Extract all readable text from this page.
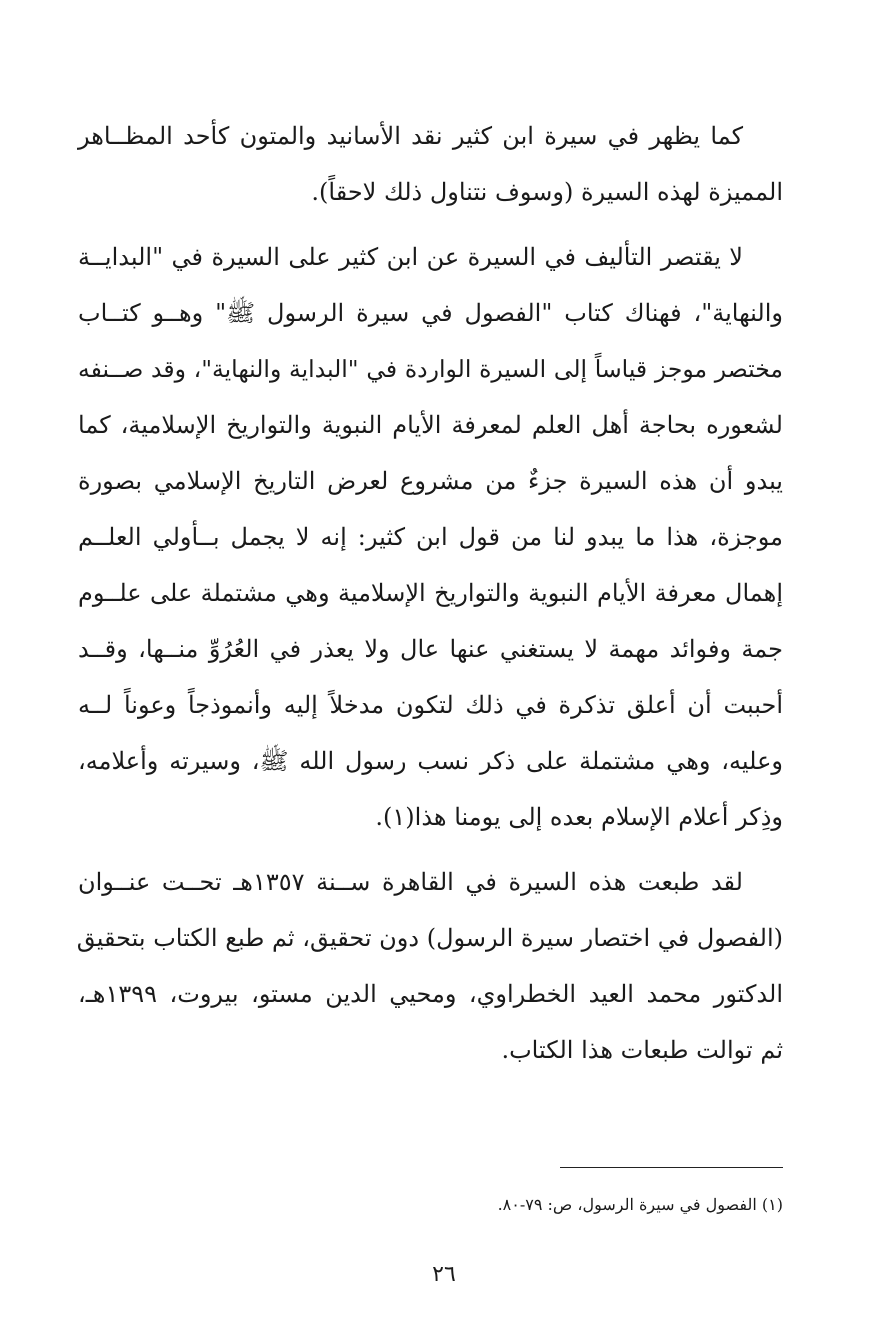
كما يظهر في سيرة ابن كثير نقد الأسانيد والمتون كأحد المظــاهر
المميزة لهذه السيرة (وسوف نتناول ذلك لاحقاً).
لا يقتصر التأليف في السيرة عن ابن كثير على السيرة في "البدايــة
والنهاية"، فهناك كتاب "الفصول في سيرة الرسول ﷺ" وهــو كتــاب
مختصر موجز قياساً إلى السيرة الواردة في "البداية والنهاية"، وقد صــنفه
لشعوره بحاجة أهل العلم لمعرفة الأيام النبوية والتواريخ الإسلامية، كما
يبدو أن هذه السيرة جزءٌ من مشروع لعرض التاريخ الإسلامي بصورة
موجزة، هذا ما يبدو لنا من قول ابن كثير: إنه لا يجمل بــأولي العلــم
إهمال معرفة الأيام النبوية والتواريخ الإسلامية وهي مشتملة على علــوم
جمة وفوائد مهمة لا يستغني عنها عال ولا يعذر في العُرُوِّ منــها، وقــد
أحببت أن أعلق تذكرة في ذلك لتكون مدخلاً إليه وأنموذجاً وعوناً لــه
وعليه، وهي مشتملة على ذكر نسب رسول الله ﷺ، وسيرته وأعلامه،
وذِكر أعلام الإسلام بعده إلى يومنا هذا(١).
لقد طبعت هذه السيرة في القاهرة ســنة ١٣٥٧هـ تحــت عنــوان
(الفصول في اختصار سيرة الرسول) دون تحقيق، ثم طبع الكتاب بتحقيق
الدكتور محمد العيد الخطراوي، ومحيي الدين مستو، بيروت، ١٣٩٩هـ،
ثم توالت طبعات هذا الكتاب.
(١) الفصول في سيرة الرسول، ص: ٧٩-٨٠.
٢٦
